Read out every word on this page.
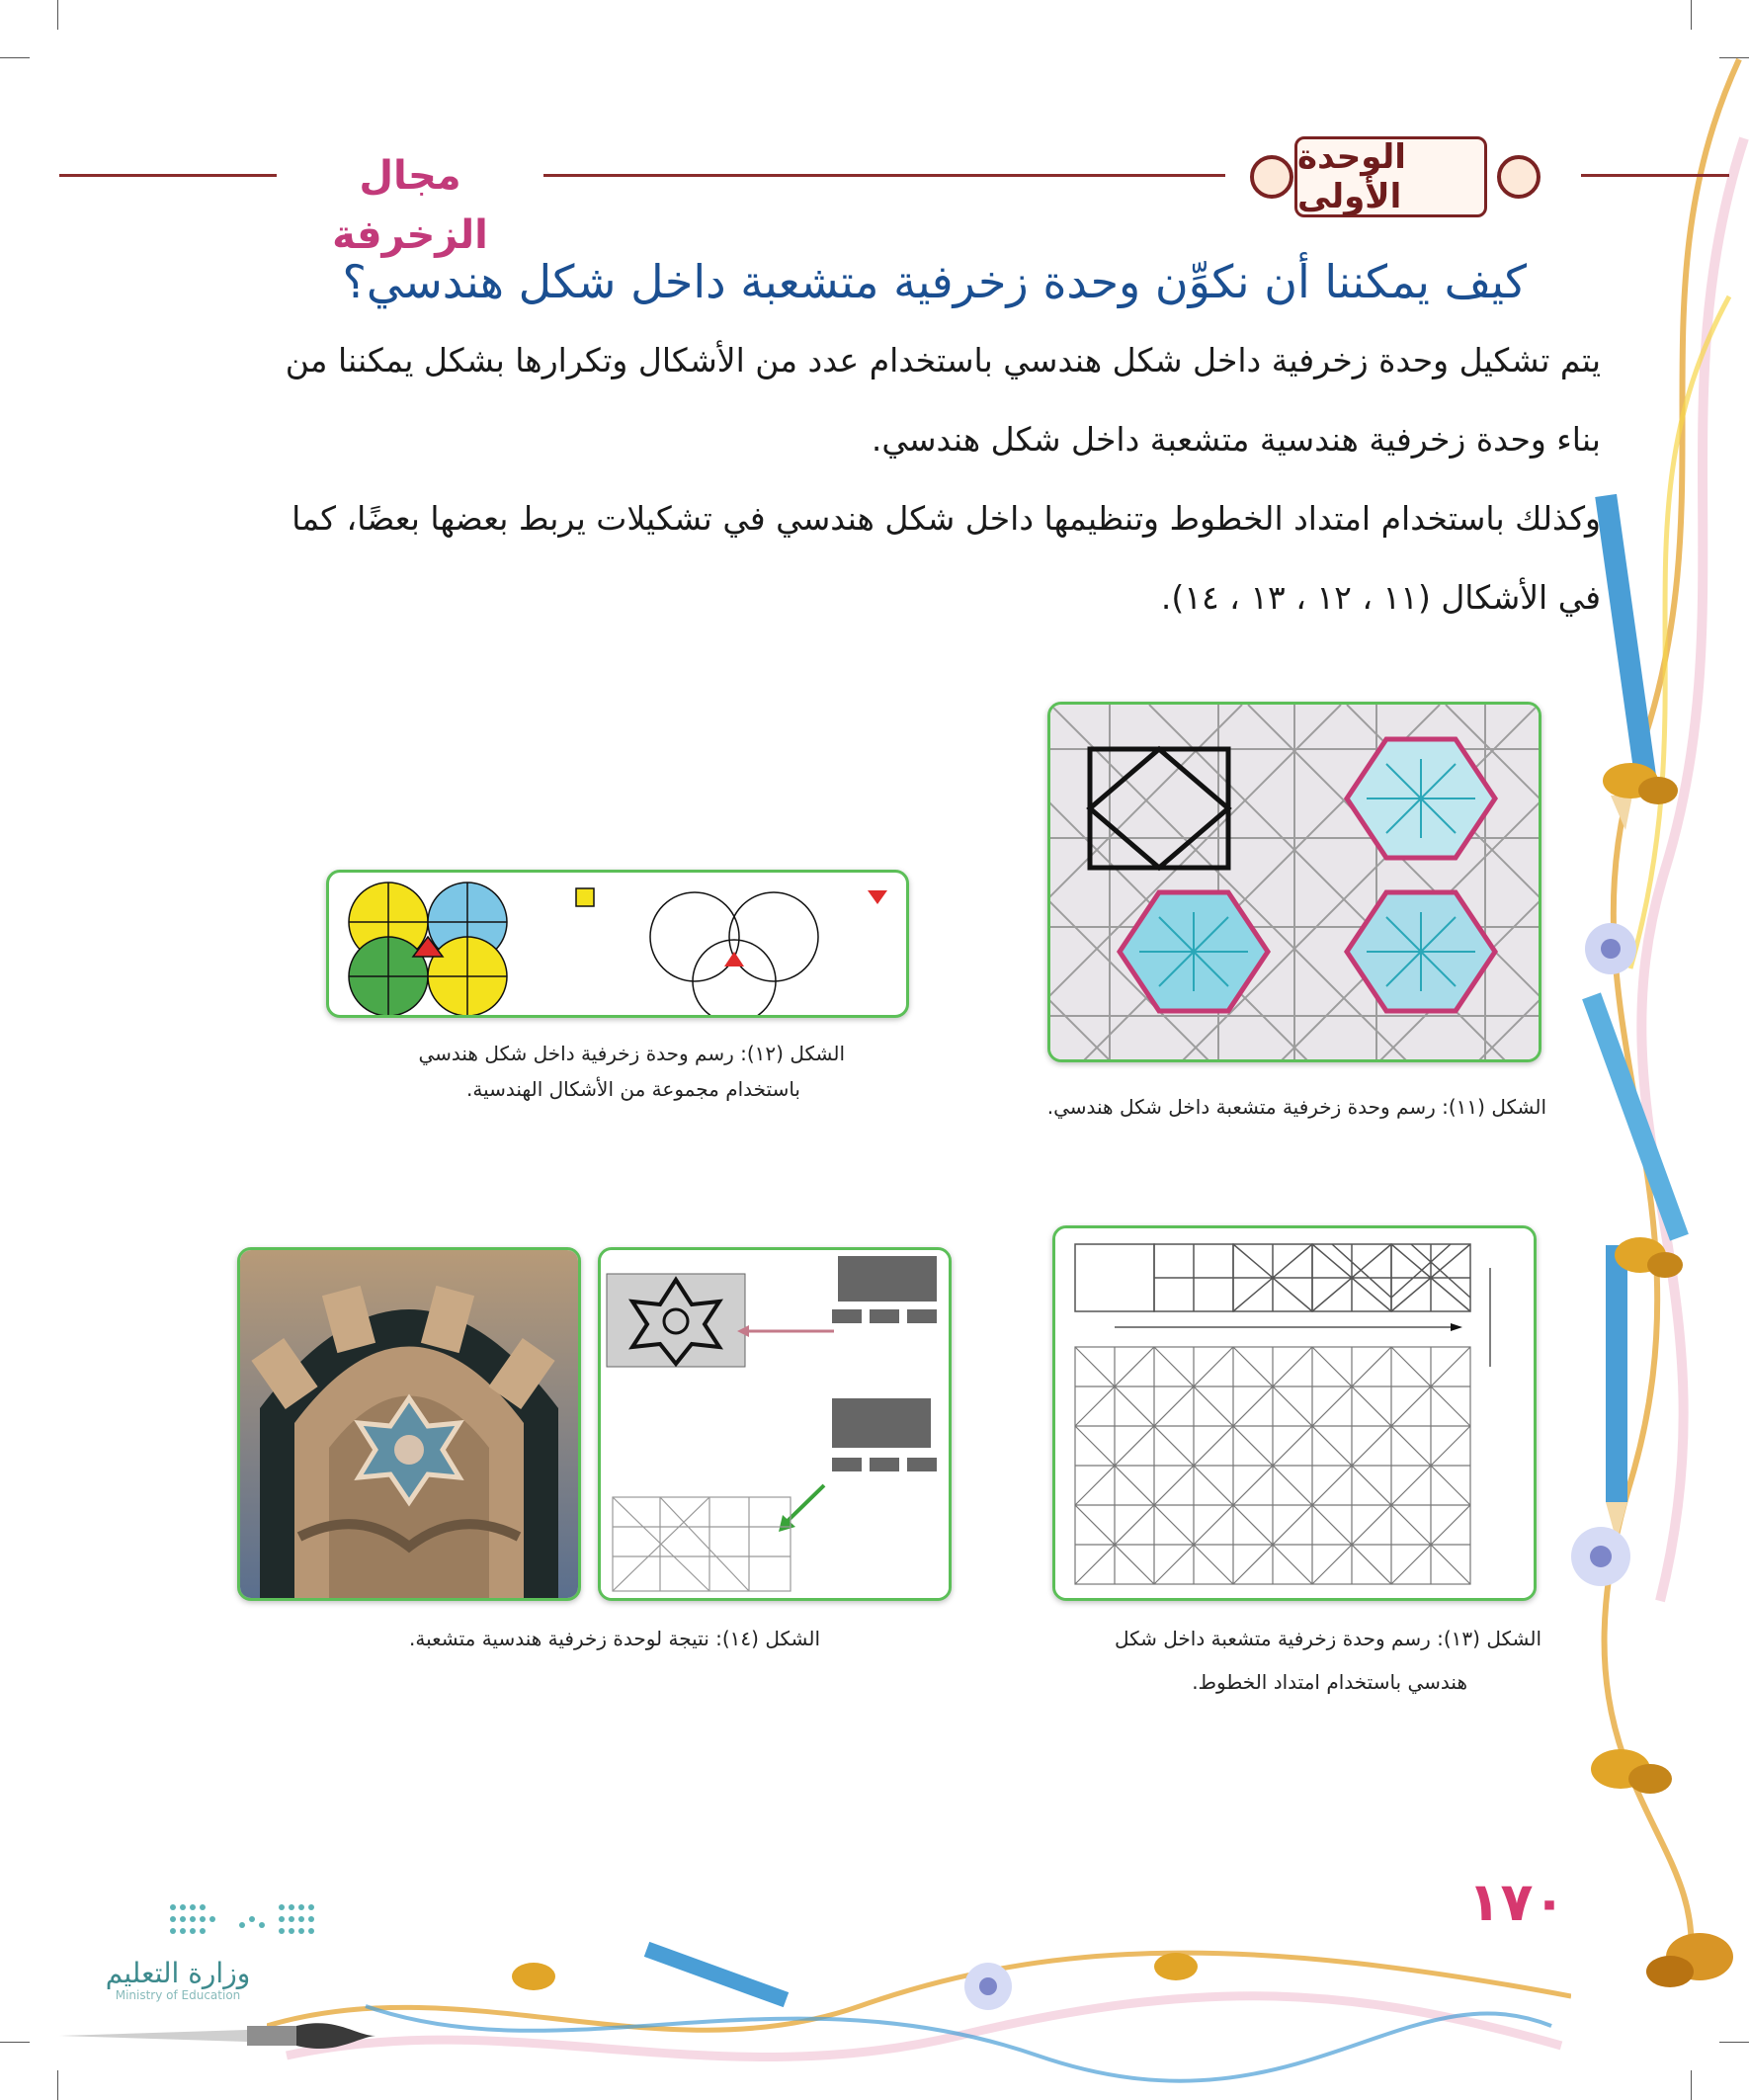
مجال الزخرفة
الوحدة الأولى
كيف يمكننا أن نكوِّن وحدة زخرفية متشعبة داخل شكل هندسي؟
يتم تشكيل وحدة زخرفية داخل شكل هندسي باستخدام عدد من الأشكال وتكرارها بشكل يمكننا من
بناء وحدة زخرفية هندسية متشعبة داخل شكل هندسي.
وكذلك باستخدام امتداد الخطوط وتنظيمها داخل شكل هندسي في تشكيلات يربط بعضها بعضًا، كما
في الأشكال (١١ ، ١٢ ، ١٣ ، ١٤).
الشكل (١١): رسم وحدة زخرفية متشعبة داخل شكل هندسي.
الشكل (١٢): رسم وحدة زخرفية داخل شكل هندسي
باستخدام مجموعة من الأشكال الهندسية.
الشكل (١٣): رسم وحدة زخرفية متشعبة داخل شكل
هندسي باستخدام امتداد الخطوط.
الشكل (١٤): نتيجة لوحدة زخرفية هندسية متشعبة.
١٧٠
وزارة التعليم
Ministry of Education
